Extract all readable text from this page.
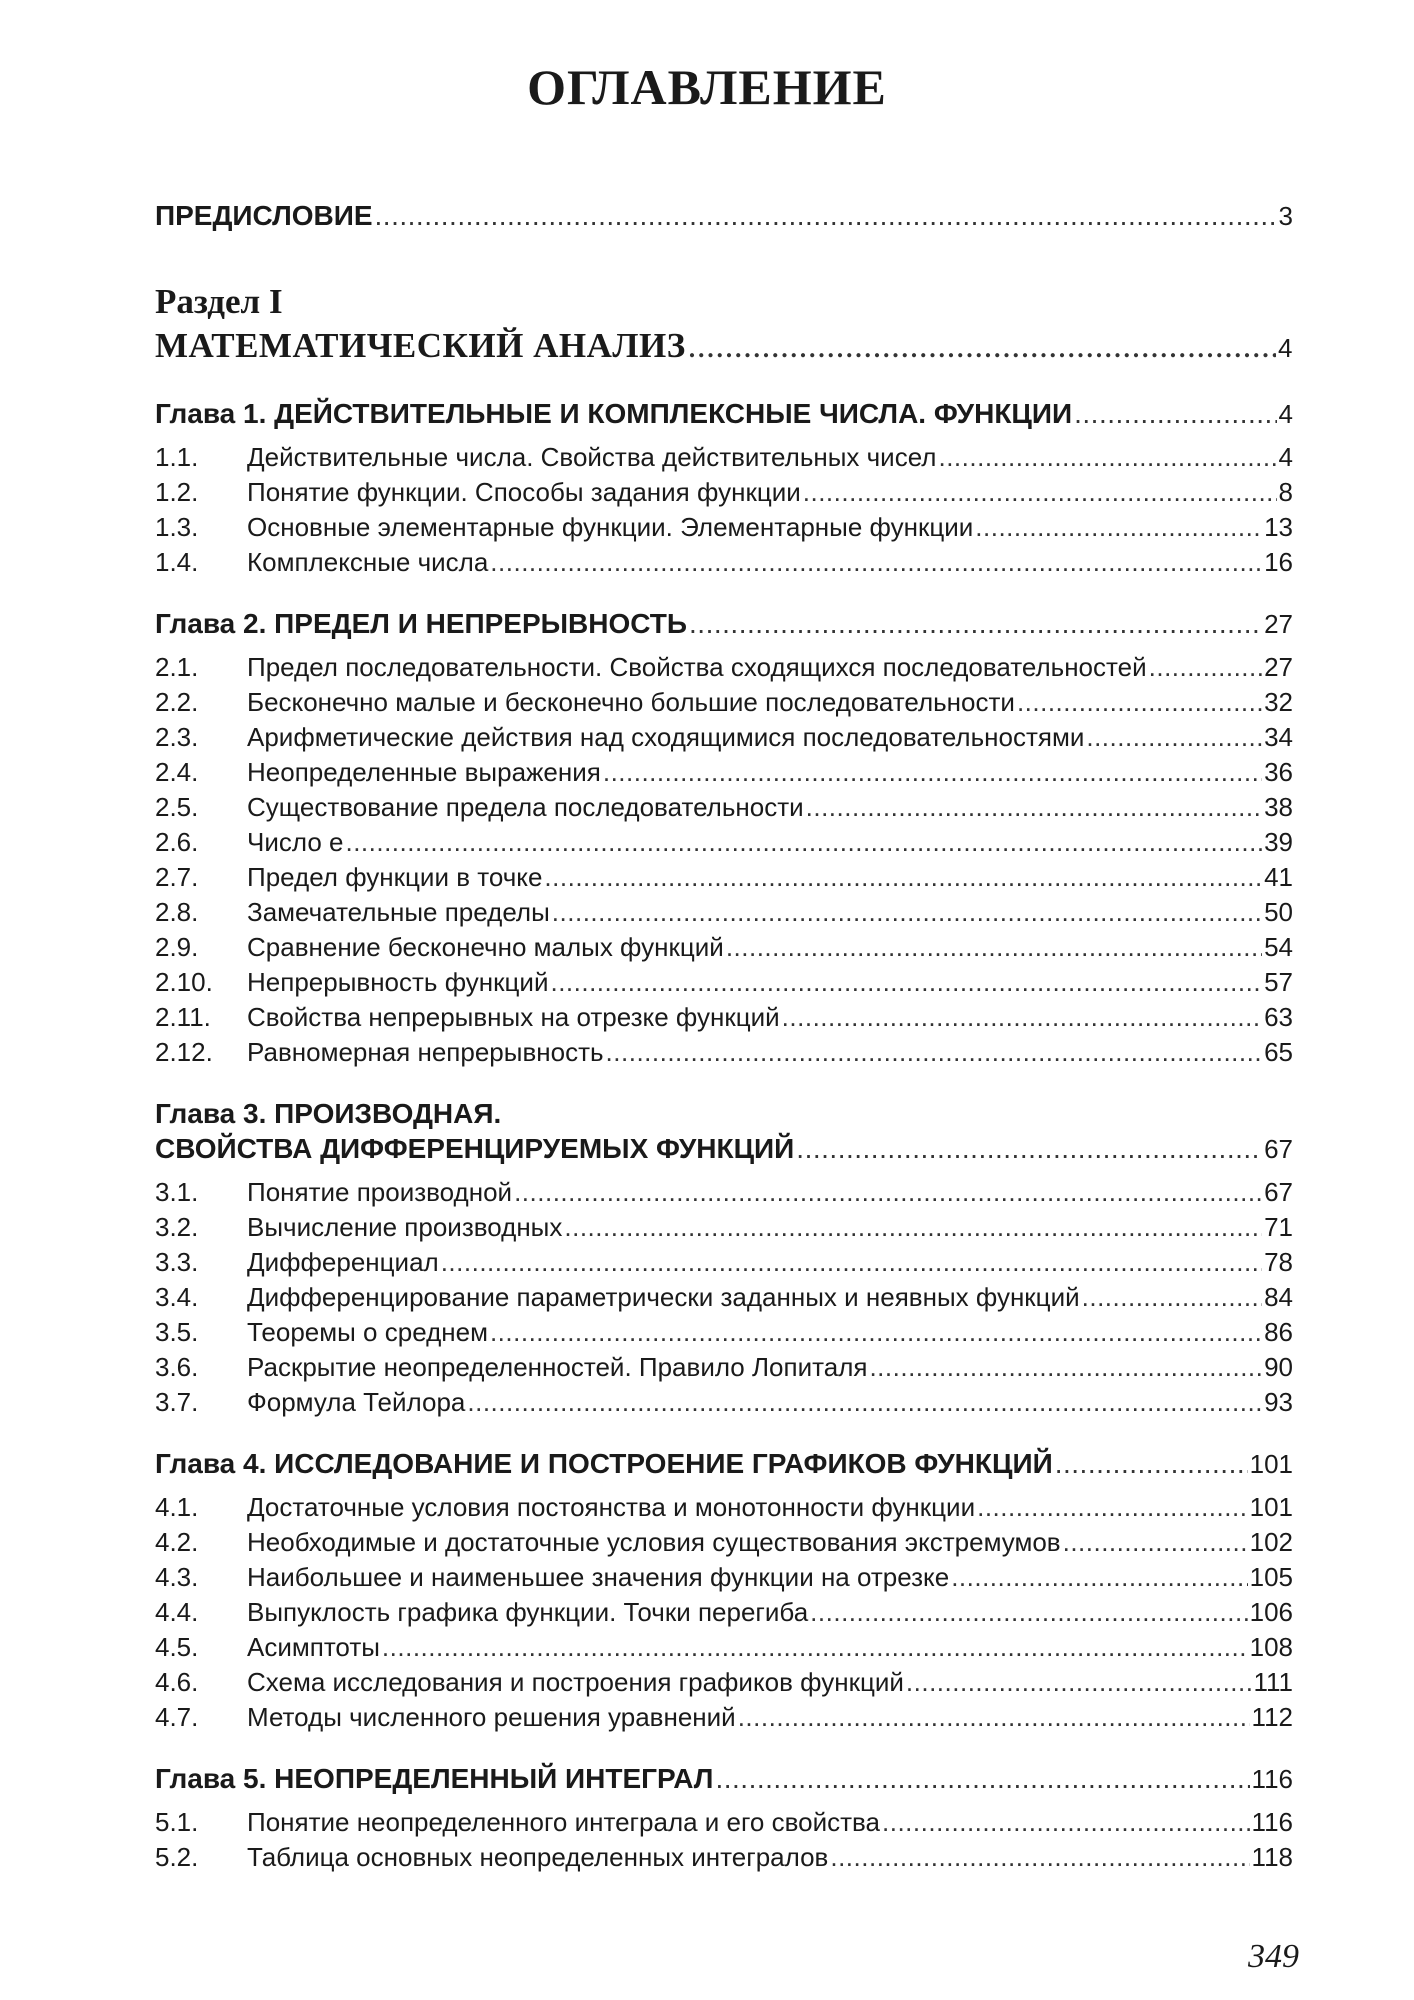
ОГЛАВЛЕНИЕ
ПРЕДИСЛОВИЕ .....	3
Раздел I
МАТЕМАТИЧЕСКИЙ АНАЛИЗ .....	4
Глава 1. ДЕЙСТВИТЕЛЬНЫЕ И КОМПЛЕКСНЫЕ ЧИСЛА. ФУНКЦИИ .....	4
1.1.	Действительные числа. Свойства действительных чисел .....	4
1.2.	Понятие функции. Способы задания функции .....	8
1.3.	Основные элементарные функции. Элементарные функции .....	13
1.4.	Комплексные числа .....	16
Глава 2. ПРЕДЕЛ И НЕПРЕРЫВНОСТЬ .....	27
2.1.	Предел последовательности. Свойства сходящихся последовательностей .....	27
2.2.	Бесконечно малые и бесконечно большие последовательности .....	32
2.3.	Арифметические действия над сходящимися последовательностями .....	34
2.4.	Неопределенные выражения .....	36
2.5.	Существование предела последовательности .....	38
2.6.	Число e .....	39
2.7.	Предел функции в точке .....	41
2.8.	Замечательные пределы .....	50
2.9.	Сравнение бесконечно малых функций .....	54
2.10.	Непрерывность функций .....	57
2.11.	Свойства непрерывных на отрезке функций .....	63
2.12.	Равномерная непрерывность .....	65
Глава 3. ПРОИЗВОДНАЯ.
СВОЙСТВА ДИФФЕРЕНЦИРУЕМЫХ ФУНКЦИЙ .....	67
3.1.	Понятие производной .....	67
3.2.	Вычисление производных .....	71
3.3.	Дифференциал .....	78
3.4.	Дифференцирование параметрически заданных и неявных функций .....	84
3.5.	Теоремы о среднем .....	86
3.6.	Раскрытие неопределенностей. Правило Лопиталя .....	90
3.7.	Формула Тейлора .....	93
Глава 4. ИССЛЕДОВАНИЕ И ПОСТРОЕНИЕ ГРАФИКОВ ФУНКЦИЙ .....	101
4.1.	Достаточные условия постоянства и монотонности функции .....	101
4.2.	Необходимые и достаточные условия существования экстремумов .....	102
4.3.	Наибольшее и наименьшее значения функции на отрезке .....	105
4.4.	Выпуклость графика функции. Точки перегиба .....	106
4.5.	Асимптоты .....	108
4.6.	Схема исследования и построения графиков функций .....	111
4.7.	Методы численного решения уравнений .....	112
Глава 5. НЕОПРЕДЕЛЕННЫЙ ИНТЕГРАЛ .....	116
5.1.	Понятие неопределенного интеграла и его свойства .....	116
5.2.	Таблица основных неопределенных интегралов .....	118
349
